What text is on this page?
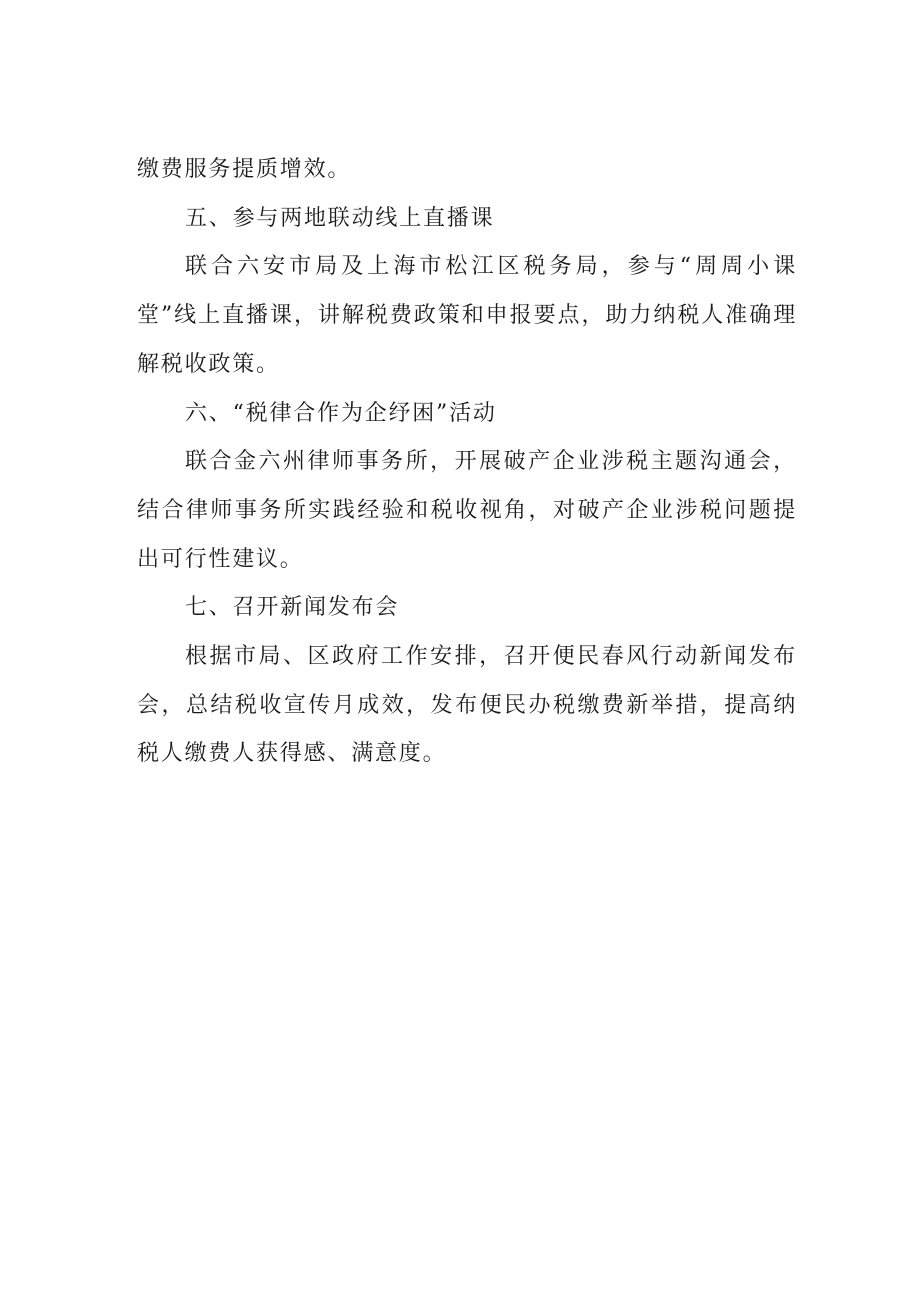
缴费服务提质增效。

五、参与两地联动线上直播课

联合六安市局及上海市松江区税务局，参与“周周小课堂”线上直播课，讲解税费政策和申报要点，助力纳税人准确理解税收政策。

六、“税律合作为企纾困”活动

联合金六州律师事务所，开展破产企业涉税主题沟通会，结合律师事务所实践经验和税收视角，对破产企业涉税问题提出可行性建议。

七、召开新闻发布会

根据市局、区政府工作安排，召开便民春风行动新闻发布会，总结税收宣传月成效，发布便民办税缴费新举措，提高纳税人缴费人获得感、满意度。
